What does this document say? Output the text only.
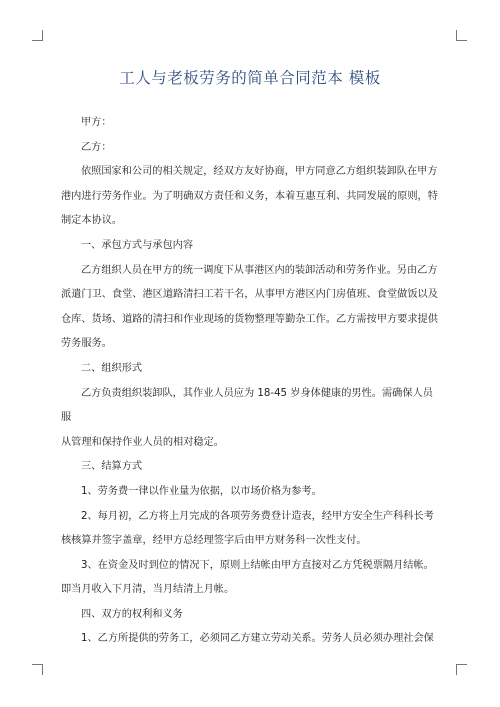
工人与老板劳务的简单合同范本 模板

甲方：

乙方：

依照国家和公司的相关规定，经双方友好协商，甲方同意乙方组织装卸队在甲方

港内进行劳务作业。为了明确双方责任和义务，本着互惠互利、共同发展的原则，特

制定本协议。

一、承包方式与承包内容

乙方组织人员在甲方的统一调度下从事港区内的装卸活动和劳务作业。另由乙方

派遣门卫、食堂、港区道路清扫工若干名，从事甲方港区内门房值班、食堂做饭以及

仓库、货场、道路的清扫和作业现场的货物整理等勤杂工作。乙方需按甲方要求提供

劳务服务。

二、组织形式

乙方负责组织装卸队，其作业人员应为 18-45 岁身体健康的男性。需确保人员服

从管理和保持作业人员的相对稳定。

三、结算方式

1、劳务费一律以作业量为依据，以市场价格为参考。

2、每月初，乙方将上月完成的各项劳务费登计造表，经甲方安全生产科科长考

核核算并签字盖章，经甲方总经理签字后由甲方财务科一次性支付。

3、在资金及时到位的情况下，原则上结帐由甲方直接对乙方凭税票隔月结帐。

即当月收入下月清，当月结清上月帐。

四、双方的权利和义务

1、乙方所提供的劳务工，必须同乙方建立劳动关系。劳务人员必须办理社会保
